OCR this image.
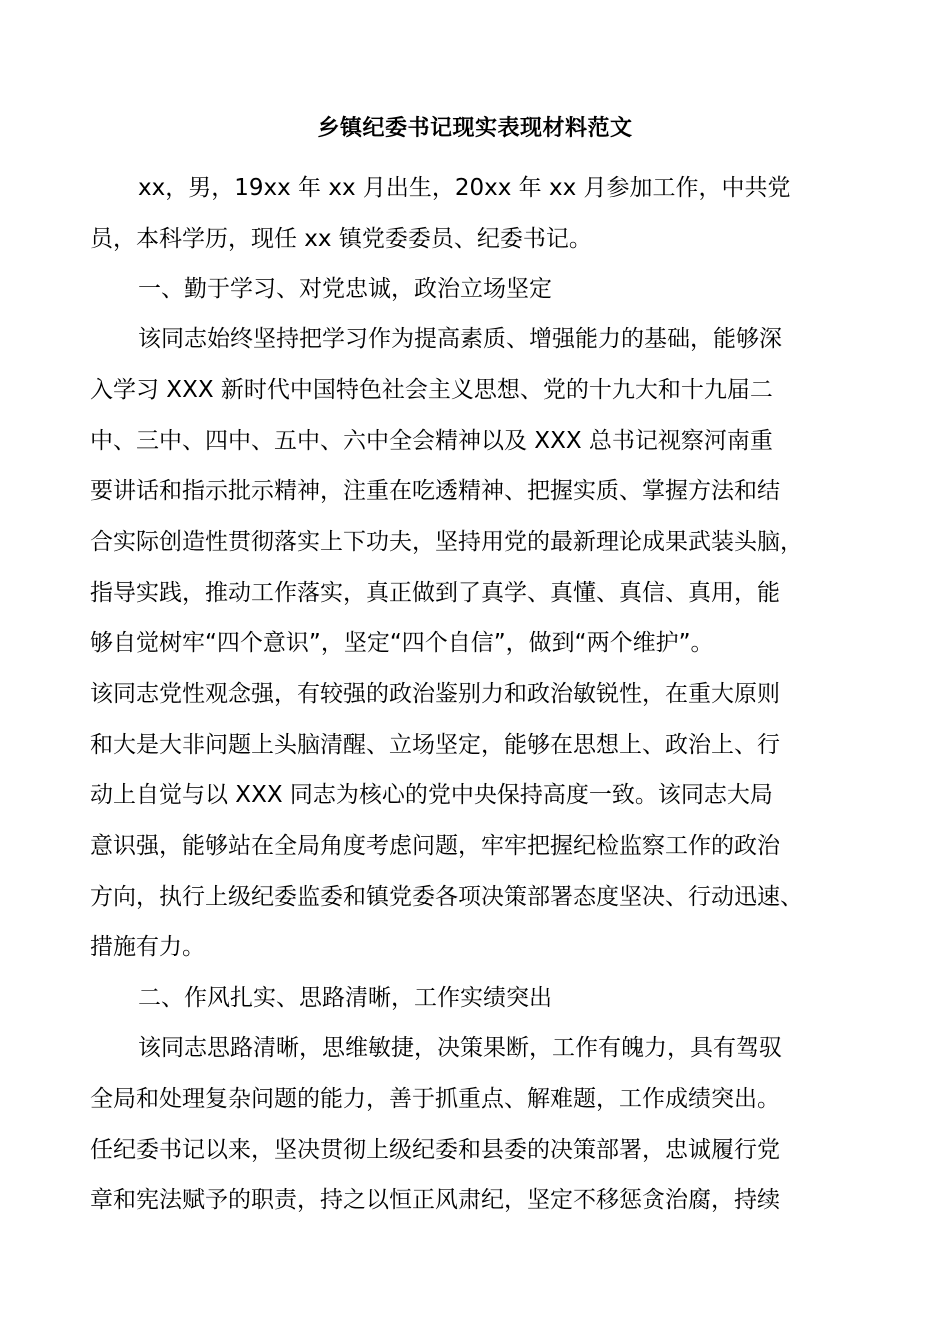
乡镇纪委书记现实表现材料范文
xx，男，19xx 年 xx 月出生，20xx 年 xx 月参加工作，中共党
员，本科学历，现任 xx 镇党委委员、纪委书记。
一、勤于学习、对党忠诚，政治立场坚定
该同志始终坚持把学习作为提高素质、增强能力的基础，能够深
入学习 XXX 新时代中国特色社会主义思想、党的十九大和十九届二
中、三中、四中、五中、六中全会精神以及 XXX 总书记视察河南重
要讲话和指示批示精神，注重在吃透精神、把握实质、掌握方法和结
合实际创造性贯彻落实上下功夫，坚持用党的最新理论成果武装头脑，
指导实践，推动工作落实，真正做到了真学、真懂、真信、真用，能
够自觉树牢“四个意识”，坚定“四个自信”，做到“两个维护”。
该同志党性观念强，有较强的政治鉴别力和政治敏锐性，在重大原则
和大是大非问题上头脑清醒、立场坚定，能够在思想上、政治上、行
动上自觉与以 XXX 同志为核心的党中央保持高度一致。该同志大局
意识强，能够站在全局角度考虑问题，牢牢把握纪检监察工作的政治
方向，执行上级纪委监委和镇党委各项决策部署态度坚决、行动迅速、
措施有力。
二、作风扎实、思路清晰，工作实绩突出
该同志思路清晰，思维敏捷，决策果断，工作有魄力，具有驾驭
全局和处理复杂问题的能力，善于抓重点、解难题，工作成绩突出。
任纪委书记以来，坚决贯彻上级纪委和县委的决策部署，忠诚履行党
章和宪法赋予的职责，持之以恒正风肃纪，坚定不移惩贪治腐，持续
